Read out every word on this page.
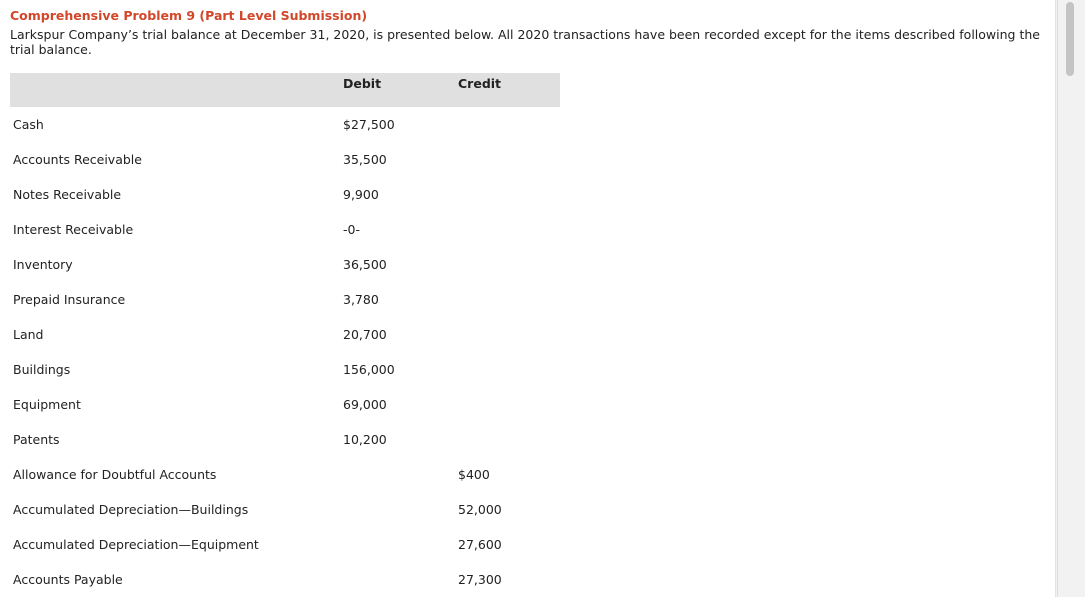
Comprehensive Problem 9 (Part Level Submission)

Larkspur Company’s trial balance at December 31, 2020, is presented below. All 2020 transactions have been recorded except for the items described following the trial balance.

	Debit	Credit
Cash	$27,500	
Accounts Receivable	35,500	
Notes Receivable	9,900	
Interest Receivable	-0-	
Inventory	36,500	
Prepaid Insurance	3,780	
Land	20,700	
Buildings	156,000	
Equipment	69,000	
Patents	10,200	
Allowance for Doubtful Accounts		$400
Accumulated Depreciation—Buildings		52,000
Accumulated Depreciation—Equipment		27,600
Accounts Payable		27,300
